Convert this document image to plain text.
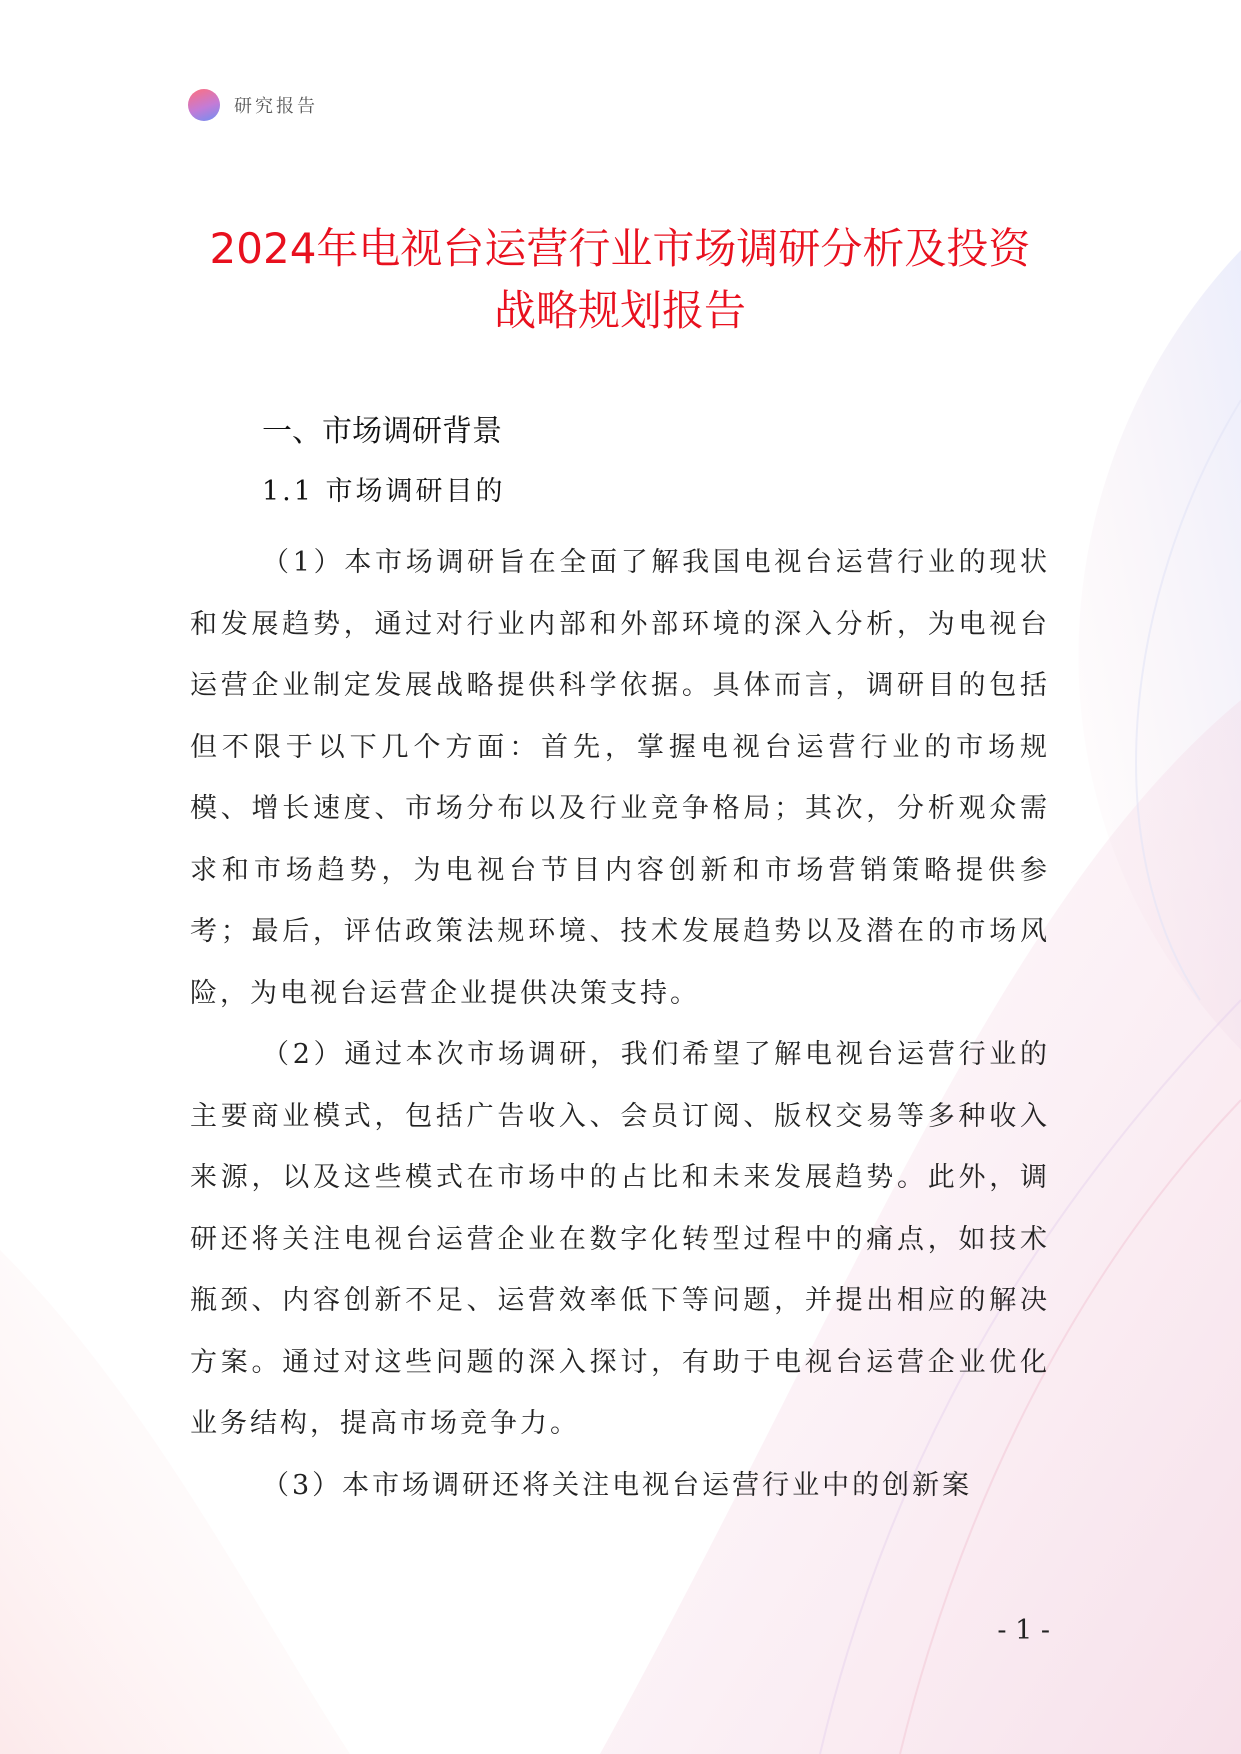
研究报告
2024年电视台运营行业市场调研分析及投资战略规划报告
一、市场调研背景
1.1 市场调研目的

（1）本市场调研旨在全面了解我国电视台运营行业的现状和发展趋势，通过对行业内部和外部环境的深入分析，为电视台运营企业制定发展战略提供科学依据。具体而言，调研目的包括但不限于以下几个方面：首先，掌握电视台运营行业的市场规模、增长速度、市场分布以及行业竞争格局；其次，分析观众需求和市场趋势，为电视台节目内容创新和市场营销策略提供参考；最后，评估政策法规环境、技术发展趋势以及潜在的市场风险，为电视台运营企业提供决策支持。

（2）通过本次市场调研，我们希望了解电视台运营行业的主要商业模式，包括广告收入、会员订阅、版权交易等多种收入来源，以及这些模式在市场中的占比和未来发展趋势。此外，调研还将关注电视台运营企业在数字化转型过程中的痛点，如技术瓶颈、内容创新不足、运营效率低下等问题，并提出相应的解决方案。通过对这些问题的深入探讨，有助于电视台运营企业优化业务结构，提高市场竞争力。

（3）本市场调研还将关注电视台运营行业中的创新案

- 1 -
